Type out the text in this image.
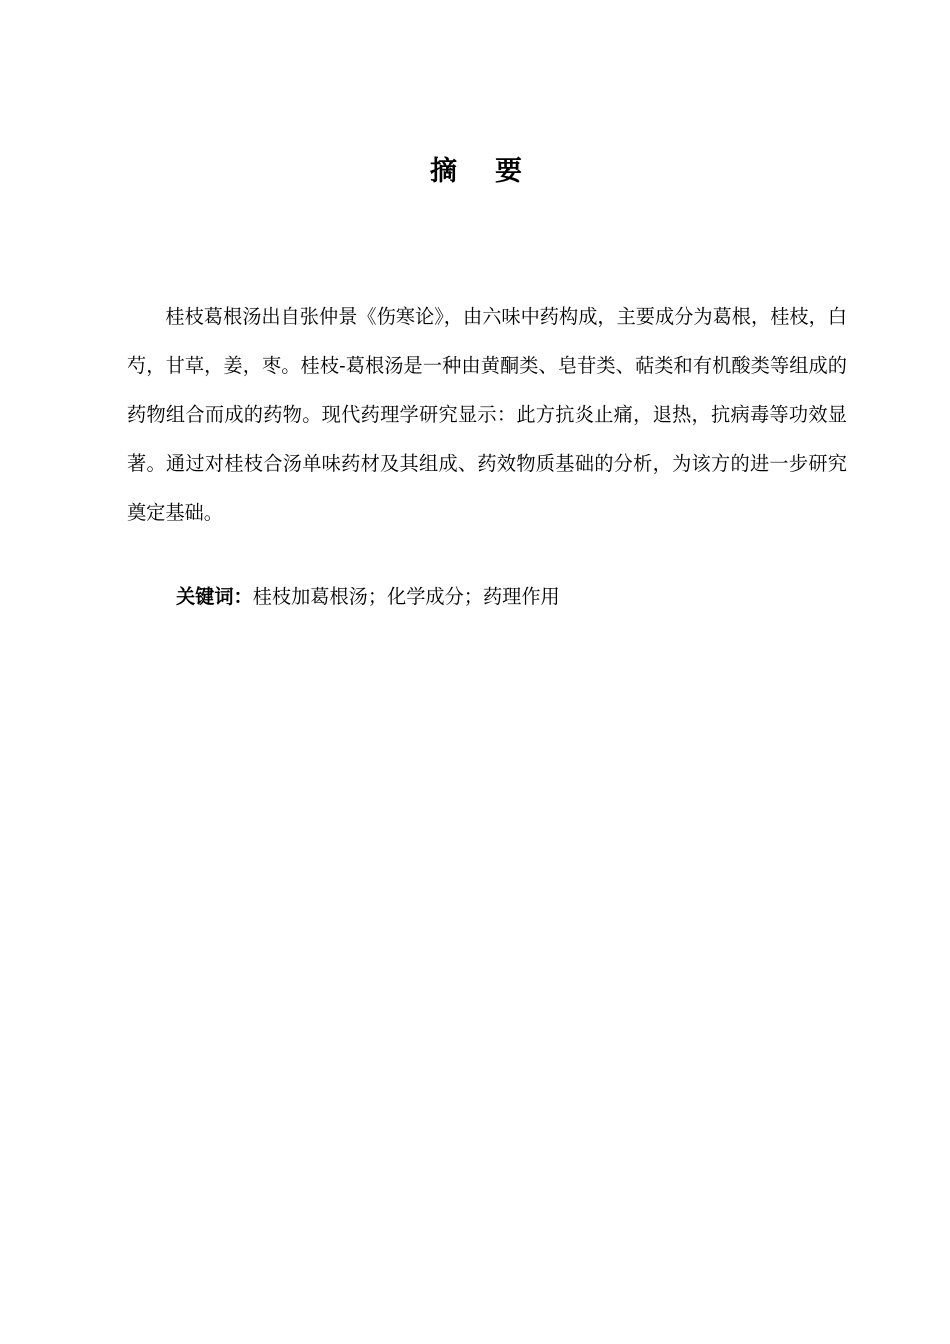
摘要

桂枝葛根汤出自张仲景《伤寒论》，由六味中药构成，主要成分为葛根，桂枝，白芍，甘草，姜，枣。桂枝-葛根汤是一种由黄酮类、皂苷类、萜类和有机酸类等组成的药物组合而成的药物。现代药理学研究显示：此方抗炎止痛，退热，抗病毒等功效显著。通过对桂枝合汤单味药材及其组成、药效物质基础的分析，为该方的进一步研究奠定基础。

关键词：桂枝加葛根汤；化学成分；药理作用
